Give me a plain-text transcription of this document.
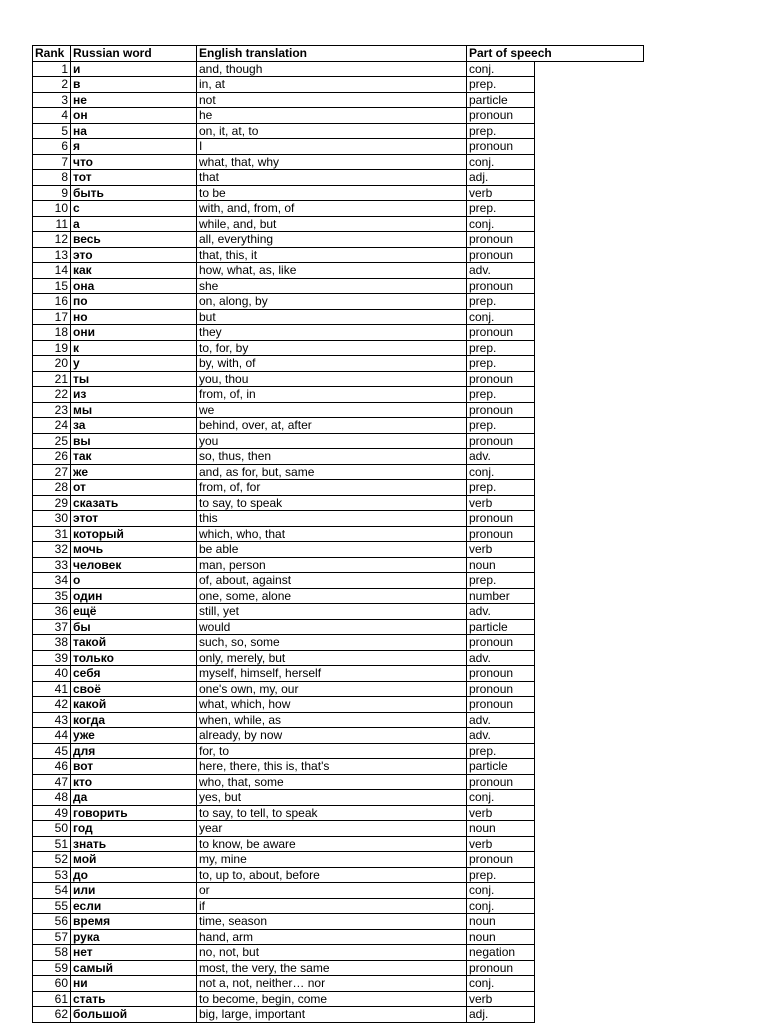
Rank	Russian word	English translation	Part of speech
1	и	and, though	conj.
2	в	in, at	prep.
3	не	not	particle
4	он	he	pronoun
5	на	on, it, at, to	prep.
6	я	I	pronoun
7	что	what, that, why	conj.
8	тот	that	adj.
9	быть	to be	verb
10	с	with, and, from, of	prep.
11	а	while, and, but	conj.
12	весь	all, everything	pronoun
13	это	that, this, it	pronoun
14	как	how, what, as, like	adv.
15	она	she	pronoun
16	по	on, along, by	prep.
17	но	but	conj.
18	они	they	pronoun
19	к	to, for, by	prep.
20	у	by, with, of	prep.
21	ты	you, thou	pronoun
22	из	from, of, in	prep.
23	мы	we	pronoun
24	за	behind, over, at, after	prep.
25	вы	you	pronoun
26	так	so, thus, then	adv.
27	же	and, as for, but, same	conj.
28	от	from, of, for	prep.
29	сказать	to say, to speak	verb
30	этот	this	pronoun
31	который	which, who, that	pronoun
32	мочь	be able	verb
33	человек	man, person	noun
34	о	of, about, against	prep.
35	один	one, some, alone	number
36	ещё	still, yet	adv.
37	бы	would	particle
38	такой	such, so, some	pronoun
39	только	only, merely, but	adv.
40	себя	myself, himself, herself	pronoun
41	своё	one's own, my, our	pronoun
42	какой	what, which, how	pronoun
43	когда	when, while, as	adv.
44	уже	already, by now	adv.
45	для	for, to	prep.
46	вот	here, there, this is, that's	particle
47	кто	who, that, some	pronoun
48	да	yes, but	conj.
49	говорить	to say, to tell, to speak	verb
50	год	year	noun
51	знать	to know, be aware	verb
52	мой	my, mine	pronoun
53	до	to, up to, about, before	prep.
54	или	or	conj.
55	если	if	conj.
56	время	time, season	noun
57	рука	hand, arm	noun
58	нет	no, not, but	negation
59	самый	most, the very, the same	pronoun
60	ни	not a, not, neither… nor	conj.
61	стать	to become, begin, come	verb
62	большой	big, large, important	adj.
